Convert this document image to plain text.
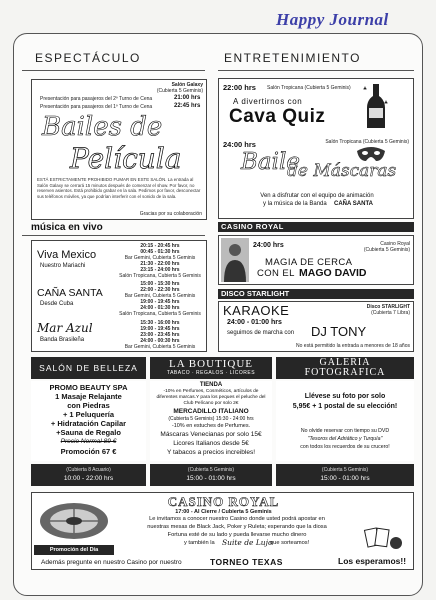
Happy Journal
ESPECTÁCULO
Salón Galaxy
(Cubierta 5 Geminis)
Presentación para pasajeros del 2º Turno de Cena	21:00 hrs
Presentación para pasajeros del 1º Turno de Cena	22:45 hrs
Bailes de
Película
ESTÁ ESTRICTAMENTE PROHIBIDO FUMAR EN ESTE SALÓN. La entrada al Salón Galaxy se cerrará 15 minutos después de comenzar el show. Por favor, no reserven asientos. Está prohibido grabar en la sala. Pedimos por favor, desconectar sus teléfonos móviles, ya que podrían interferir con el sonido de la sala.
Gracias por su colaboración
ENTRETENIMIENTO
22:00 hrs Salón Tropicana (Cubierta 5 Geminis)
A divertirnos con
Cava Quiz
24:00 hrs	Salón Tropicana (Cubierta 5 Geminis)
Baile
de Máscaras
Ven a disfrutar con el equipo de animación
y la música de la Banda CAÑA SANTA
música en vivo
Viva Mexico
Nuestro Mariachi
20:15 - 20:45 hrs
00:45 - 01:30 hrs
Bar Gemini, Cubierta 5 Geminis
21:30 - 22:00 hrs
23:15 - 24:00 hrs
Salón Tropicana, Cubierta 5 Geminis
CAÑA SANTA
Desde Cuba
15:00 - 15:30 hrs
22:00 - 22:30 hrs
Bar Gemini, Cubierta 5 Geminis
19:00 - 19:45 hrs
24:00 - 01:30 hrs
Salón Tropicana, Cubierta 5 Geminis
Mar Azul
Banda Brasileña
15:30 - 16:00 hrs
19:00 - 19:45 hrs
23:00 - 23:45 hrs
24:00 - 00:30 hrs
Bar Gemini, Cubierta 5 Geminis
CASINO ROYAL
24:00 hrs	Casino Royal
(Cubierta 5 Geminis)
MAGIA DE CERCA
CON EL MAGO DAVID
DISCO STARLIGHT
KARAOKE	Disco STARLIGHT
(Cubierta 7 Libra)
24:00 - 01:00 hrs
seguimos de marcha con DJ TONY
No está permitido la entrada a menores de 18 años
SALÓN DE BELLEZA
PROMO BEAUTY SPA
1 Masaje Relajante
con Piedras
+ 1 Peluquería
+ Hidratación Capilar
+Sauna de Regalo
Precio Normal 89 €
Promoción 67 €
(Cubierta 8 Acuario)
10:00 - 22:00 hrs
LA BOUTIQUE
TABACO · REGALOS · LICORES
TIENDA
-10% en Perfumes, Cosméticos, artículos de diferentes marcas.Y para los peques el peluche del Club Pelícano por solo 2€
MERCADILLO ITALIANO
(Cubierta 5 Geminis) 15:30 - 24:00 hrs
-10% en estuches de Perfumes.
Máscaras Venecianas por solo 15€
Licores Italianos desde 5€
Y tabacos a precios increibles!
(Cubierta 5 Geminis)
15:00 - 01:00 hrs
GALERIA FOTOGRAFICA
Llévese su foto por solo
5,95€ + 1 postal de su elección!
No olvide reservar con tiempo su DVD
"Tesoros del Adriático y Turquía"
con todos los recuerdos de su crucero!
(Cubierta 5 Geminis)
15:00 - 01:00 hrs
Promoción del Día
CASINO ROYAL
17:00 - Al Cierre / Cubierta 5 Geminis
Le invitamos a conocer nuestro Casino donde usted podrá apostar en
nuestras mesas de Black Jack, Poker y Ruleta; esperando que la diosa
Fortuna esté de su lado y pueda llevarse mucho dinero
y también la Suite de Lujo
que sorteamos!
Además pregunte en nuestro Casino por nuestro	TORNEO TEXAS	Los esperamos!!
